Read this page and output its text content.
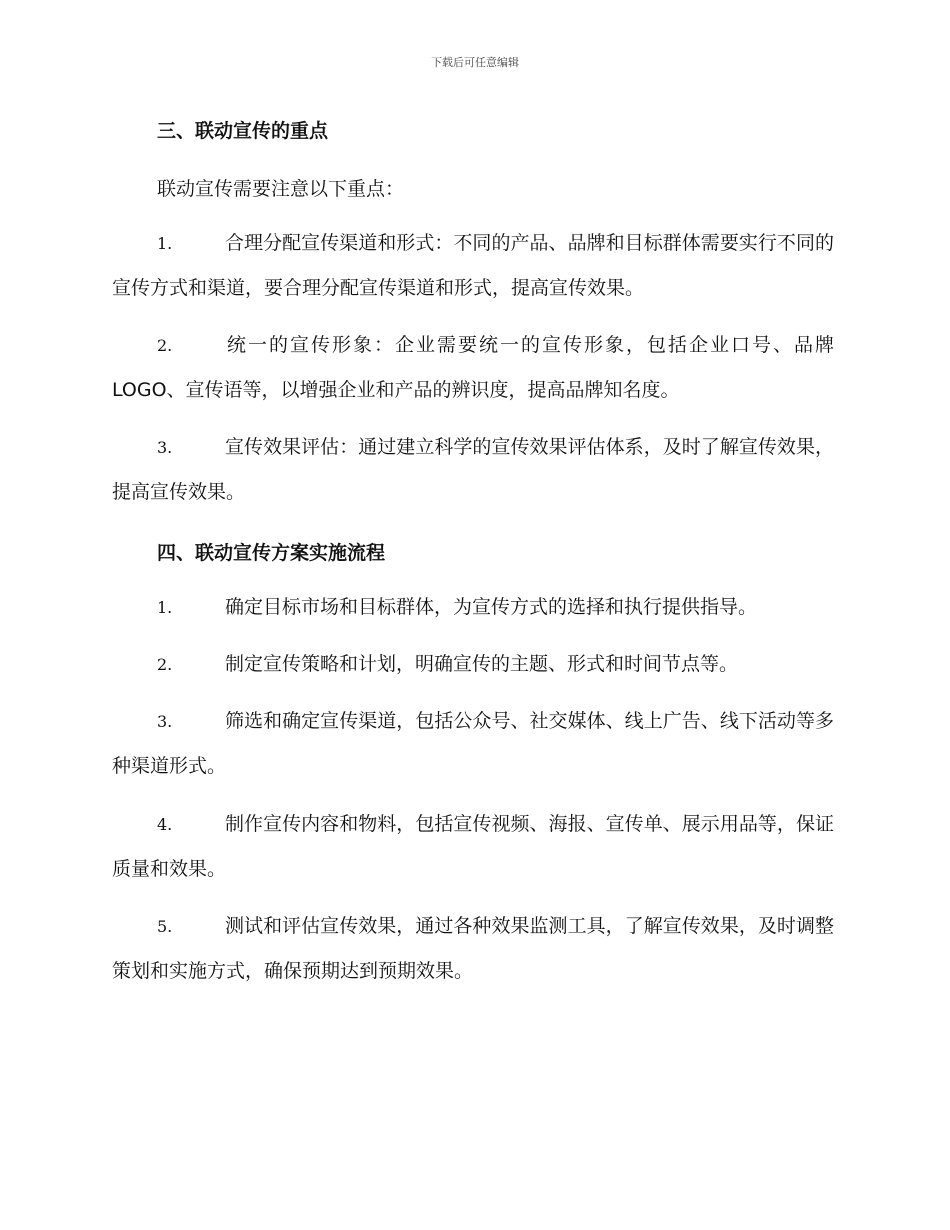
下载后可任意编辑
三、联动宣传的重点
联动宣传需要注意以下重点：
1.	合理分配宣传渠道和形式：不同的产品、品牌和目标群体需要实行不同的宣传方式和渠道，要合理分配宣传渠道和形式，提高宣传效果。
2.	统一的宣传形象：企业需要统一的宣传形象，包括企业口号、品牌 LOGO、宣传语等，以增强企业和产品的辨识度，提高品牌知名度。
3.	宣传效果评估：通过建立科学的宣传效果评估体系，及时了解宣传效果，提高宣传效果。
四、联动宣传方案实施流程
1.	确定目标市场和目标群体，为宣传方式的选择和执行提供指导。
2.	制定宣传策略和计划，明确宣传的主题、形式和时间节点等。
3.	筛选和确定宣传渠道，包括公众号、社交媒体、线上广告、线下活动等多种渠道形式。
4.	制作宣传内容和物料，包括宣传视频、海报、宣传单、展示用品等，保证质量和效果。
5.	测试和评估宣传效果，通过各种效果监测工具，了解宣传效果，及时调整策划和实施方式，确保预期达到预期效果。
